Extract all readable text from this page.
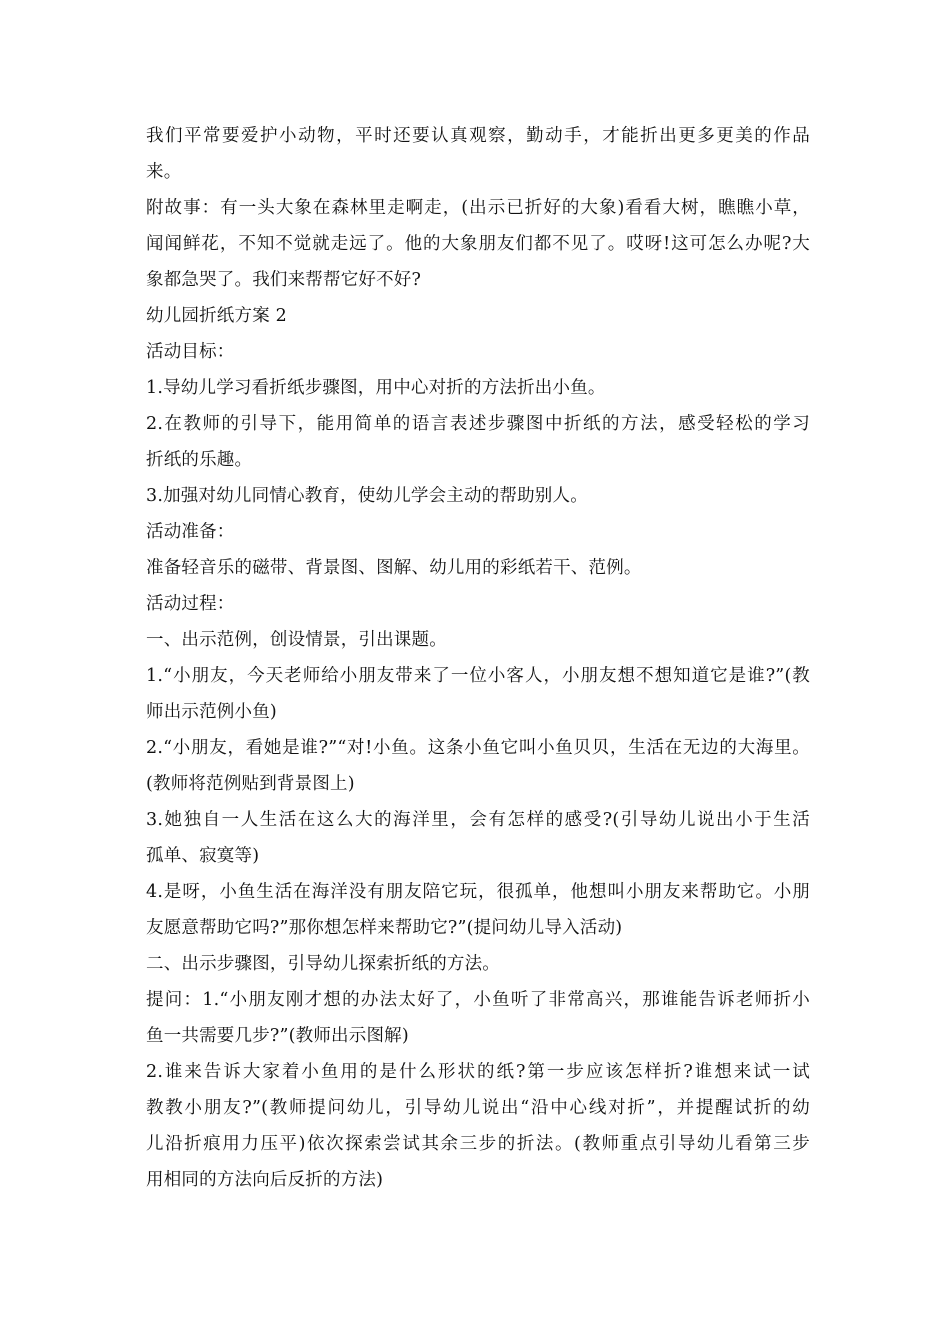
我们平常要爱护小动物，平时还要认真观察，勤动手，才能折出更多更美的作品
来。
附故事：有一头大象在森林里走啊走，(出示已折好的大象)看看大树，瞧瞧小草，
闻闻鲜花，不知不觉就走远了。他的大象朋友们都不见了。哎呀!这可怎么办呢?大
象都急哭了。我们来帮帮它好不好?
幼儿园折纸方案 2
活动目标：
1.导幼儿学习看折纸步骤图，用中心对折的方法折出小鱼。
2.在教师的引导下，能用简单的语言表述步骤图中折纸的方法，感受轻松的学习
折纸的乐趣。
3.加强对幼儿同情心教育，使幼儿学会主动的帮助别人。
活动准备：
准备轻音乐的磁带、背景图、图解、幼儿用的彩纸若干、范例。
活动过程：
一、出示范例，创设情景，引出课题。
1.“小朋友，今天老师给小朋友带来了一位小客人，小朋友想不想知道它是谁?”(教
师出示范例小鱼)
2.“小朋友，看她是谁?”“对!小鱼。这条小鱼它叫小鱼贝贝，生活在无边的大海里。
(教师将范例贴到背景图上)
3.她独自一人生活在这么大的海洋里，会有怎样的感受?(引导幼儿说出小于生活
孤单、寂寞等)
4.是呀，小鱼生活在海洋没有朋友陪它玩，很孤单，他想叫小朋友来帮助它。小朋
友愿意帮助它吗?”那你想怎样来帮助它?”(提问幼儿导入活动)
二、出示步骤图，引导幼儿探索折纸的方法。
提问：1.“小朋友刚才想的办法太好了，小鱼听了非常高兴，那谁能告诉老师折小
鱼一共需要几步?”(教师出示图解)
2.谁来告诉大家着小鱼用的是什么形状的纸?第一步应该怎样折?谁想来试一试
教教小朋友?”(教师提问幼儿，引导幼儿说出“沿中心线对折”，并提醒试折的幼
儿沿折痕用力压平)依次探索尝试其余三步的折法。(教师重点引导幼儿看第三步
用相同的方法向后反折的方法)
